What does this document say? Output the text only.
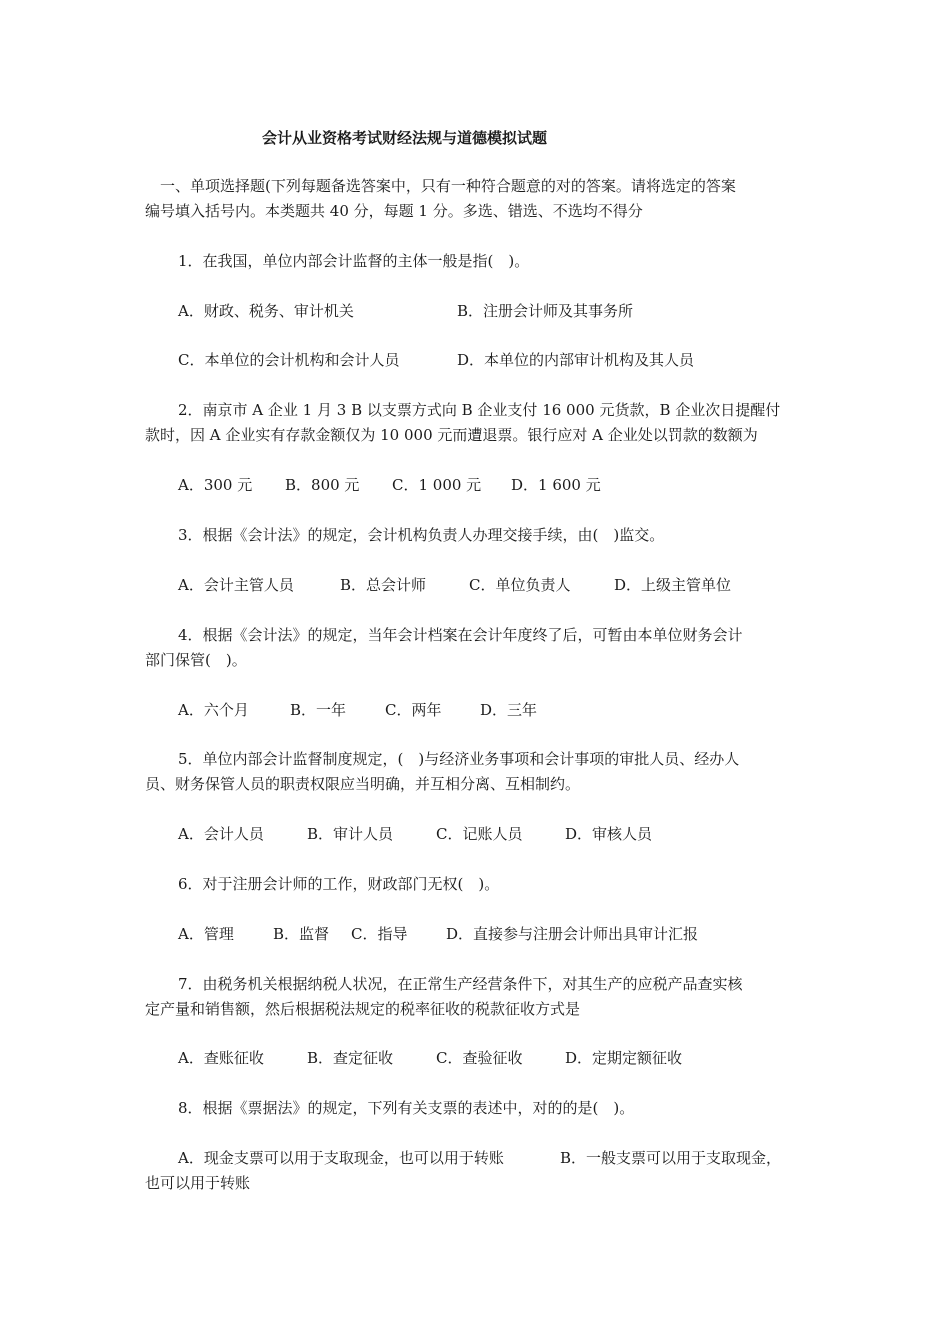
会计从业资格考试财经法规与道德模拟试题
一、单项选择题(下列每题备选答案中，只有一种符合题意的对的答案。请将选定的答案
编号填入括号内。本类题共 40 分，每题 1 分。多选、错选、不选均不得分
1．在我国，单位内部会计监督的主体一般是指(　)。
A．财政、税务、审计机关	B．注册会计师及其事务所
C．本单位的会计机构和会计人员	D．本单位的内部审计机构及其人员
2．南京市 A 企业 1 月 3 B 以支票方式向 B 企业支付 16 000 元货款，B 企业次日提醒付
款时，因 A 企业实有存款金额仅为 10 000 元而遭退票。银行应对 A 企业处以罚款的数额为
A．300 元 B．800 元 C．1 000 元 D．1 600 元
3．根据《会计法》的规定，会计机构负责人办理交接手续，由(　)监交。
A．会计主管人员	B．总会计师	C．单位负责人	D．上级主管单位
4．根据《会计法》的规定，当年会计档案在会计年度终了后，可暂由本单位财务会计
部门保管(　)。
A．六个月	B．一年	C．两年	D．三年
5．单位内部会计监督制度规定，(　)与经济业务事项和会计事项的审批人员、经办人
员、财务保管人员的职责权限应当明确，并互相分离、互相制约。
A．会计人员	B．审计人员	C．记账人员	D．审核人员
6．对于注册会计师的工作，财政部门无权(　)。
A．管理	B．监督 C．指导	D．直接参与注册会计师出具审计汇报
7．由税务机关根据纳税人状况，在正常生产经营条件下，对其生产的应税产品查实核
定产量和销售额，然后根据税法规定的税率征收的税款征收方式是
A．查账征收	B．查定征收	C．查验征收	D．定期定额征收
8．根据《票据法》的规定，下列有关支票的表述中，对的的是(　)。
A．现金支票可以用于支取现金，也可以用于转账	B．一般支票可以用于支取现金，
也可以用于转账
